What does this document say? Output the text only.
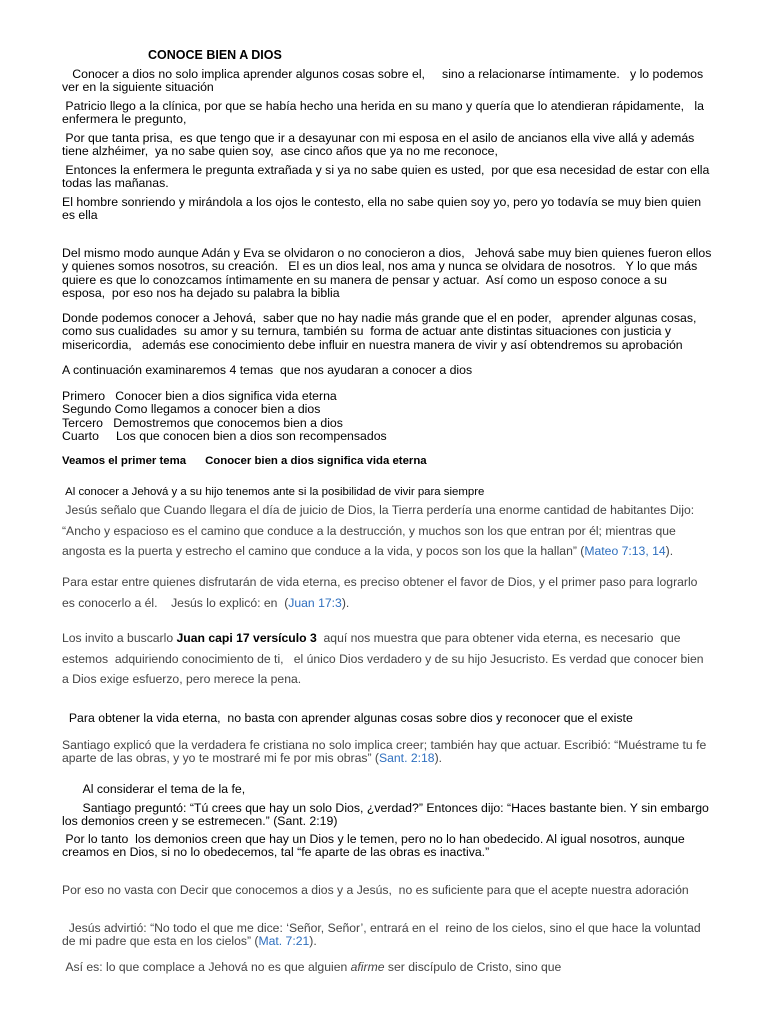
CONOCE BIEN A DIOS

Conocer a dios no solo implica aprender algunos cosas sobre el,     sino a relacionarse íntimamente.   y lo podemos ver en la siguiente situación

Patricio llego a la clínica, por que se había hecho una herida en su mano y quería que lo atendieran rápidamente,   la enfermera le pregunto,

Por que tanta prisa,  es que tengo que ir a desayunar con mi esposa en el asilo de ancianos ella vive allá y además tiene alzhéimer,  ya no sabe quien soy,  ase cinco años que ya no me reconoce,

Entonces la enfermera le pregunta extrañada y si ya no sabe quien es usted,  por que esa necesidad de estar con ella todas las mañanas.

El hombre sonriendo y mirándola a los ojos le contesto, ella no sabe quien soy yo, pero yo todavía se muy bien quien es ella

Del mismo modo aunque Adán y Eva se olvidaron o no conocieron a dios,   Jehová sabe muy bien quienes fueron ellos y quienes somos nosotros, su creación.   El es un dios leal, nos ama y nunca se olvidara de nosotros.   Y lo que más quiere es que lo conozcamos íntimamente en su manera de pensar y actuar.  Así como un esposo conoce a su esposa,  por eso nos ha dejado su palabra la biblia

Donde podemos conocer a Jehová,  saber que no hay nadie más grande que el en poder,   aprender algunas cosas, como sus cualidades  su amor y su ternura, también su  forma de actuar ante distintas situaciones con justicia y misericordia,   además ese conocimiento debe influir en nuestra manera de vivir y así obtendremos su aprobación

A continuación examinaremos 4 temas  que nos ayudaran a conocer a dios

Primero   Conocer bien a dios significa vida eterna
Segundo Como llegamos a conocer bien a dios
Tercero   Demostremos que conocemos bien a dios
Cuarto     Los que conocen bien a dios son recompensados

Veamos el primer tema      Conocer bien a dios significa vida eterna

Al conocer a Jehová y a su hijo tenemos ante si la posibilidad de vivir para siempre

Jesús señalo que Cuando llegara el día de juicio de Dios, la Tierra perdería una enorme cantidad de habitantes Dijo: “Ancho y espacioso es el camino que conduce a la destrucción, y muchos son los que entran por él; mientras que angosta es la puerta y estrecho el camino que conduce a la vida, y pocos son los que la hallan” (Mateo 7:13, 14).

Para estar entre quienes disfrutarán de vida eterna, es preciso obtener el favor de Dios, y el primer paso para lograrlo es conocerlo a él.    Jesús lo explicó: en  (Juan 17:3).

Los invito a buscarlo Juan capi 17 versículo 3  aquí nos muestra que para obtener vida eterna, es necesario  que estemos  adquiriendo conocimiento de ti,   el único Dios verdadero y de su hijo Jesucristo. Es verdad que conocer bien a Dios exige esfuerzo, pero merece la pena.

Para obtener la vida eterna,  no basta con aprender algunas cosas sobre dios y reconocer que el existe

Santiago explicó que la verdadera fe cristiana no solo implica creer; también hay que actuar. Escribió: “Muéstrame tu fe aparte de las obras, y yo te mostraré mi fe por mis obras” (Sant. 2:18).

Al considerar el tema de la fe,

Santiago preguntó: “Tú crees que hay un solo Dios, ¿verdad?” Entonces dijo: “Haces bastante bien. Y sin embargo los demonios creen y se estremecen.” (Sant. 2:19)

Por lo tanto  los demonios creen que hay un Dios y le temen, pero no lo han obedecido. Al igual nosotros, aunque creamos en Dios, si no lo obedecemos, tal “fe aparte de las obras es inactiva.”

Por eso no vasta con Decir que conocemos a dios y a Jesús,  no es suficiente para que el acepte nuestra adoración

Jesús advirtió: “No todo el que me dice: ‘Señor, Señor’, entrará en el  reino de los cielos, sino el que hace la voluntad de mi padre que esta en los cielos” (Mat. 7:21).

Así es: lo que complace a Jehová no es que alguien afirme ser discípulo de Cristo, sino que
